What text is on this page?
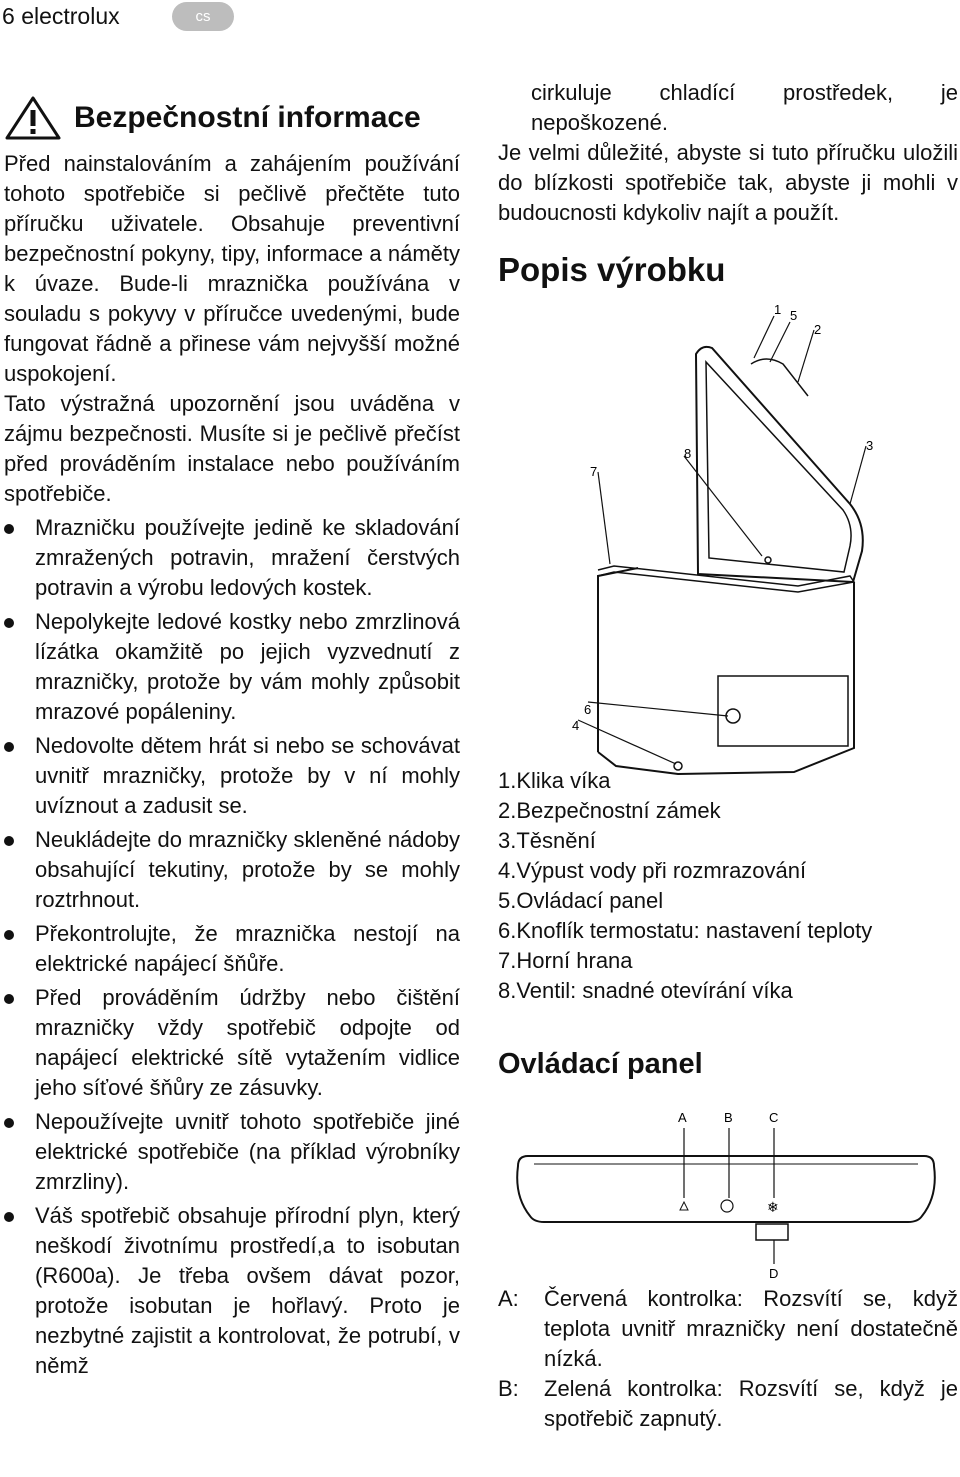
6 electrolux	cs
Bezpečnostní informace

Před nainstalováním a zahájením používání tohoto spotřebiče si pečlivě přečtěte tuto příručku uživatele. Obsahuje preventivní bezpečnostní pokyny, tipy, informace a náměty k úvaze. Bude-li mraznička používána v souladu s pokyvy v příručce uvedenými, bude fungovat řádně a přinese vám nejvyšší možné uspokojení.

Tato výstražná upozornění jsou uváděna v zájmu bezpečnosti. Musíte si je pečlivě přečíst před prováděním instalace nebo používáním spotřebiče.

Mrazničku používejte jedině ke skladování zmražených potravin, mražení čerstvých potravin a výrobu ledových kostek.
Nepolykejte ledové kostky nebo zmrzlinová lízátka okamžitě po jejich vyzvednutí z mrazničky, protože by vám mohly způsobit mrazové popáleniny.
Nedovolte dětem hrát si nebo se schovávat uvnitř mrazničky, protože by v ní mohly uvíznout a zadusit se.
Neukládejte do mrazničky skleněné nádoby obsahující tekutiny, protože by se mohly roztrhnout.
Překontrolujte, že mraznička nestojí na elektrické napájecí šňůře.
Před prováděním údržby nebo čištění mrazničky vždy spotřebič odpojte od napájecí elektrické sítě vytažením vidlice jeho síťové šňůry ze zásuvky.
Nepoužívejte uvnitř tohoto spotřebiče jiné elektrické spotřebiče (na příklad výrobníky zmrzliny).
Váš spotřebič obsahuje přírodní plyn, který neškodí životnímu prostředí,a to isobutan (R600a). Je třeba ovšem dávat pozor, protože isobutan je hořlavý. Proto je nezbytné zajistit a kontrolovat, že potrubí, v němž

cirkuluje chladící prostředek, je nepoškozené.

Je velmi důležité, abyste si tuto příručku uložili do blízkosti spotřebiče tak, abyste ji mohli v budoucnosti kdykoliv najít a použít.

Popis výrobku
1 5
2
3
8
7
6
4
1.Klika víka
2.Bezpečnostní zámek
3.Těsnění
4.Výpust vody při rozmrazování
5.Ovládací panel
6.Knoflík termostatu: nastavení teploty
7.Horní hrana
8.Ventil: snadné otevírání víka
Ovládací panel
A	B	C
❄
D
A:	Červená kontrolka: Rozsvítí se, když teplota uvnitř mrazničky není dostatečně nízká.
B:	Zelená kontrolka: Rozsvítí se, když je spotřebič zapnutý.
